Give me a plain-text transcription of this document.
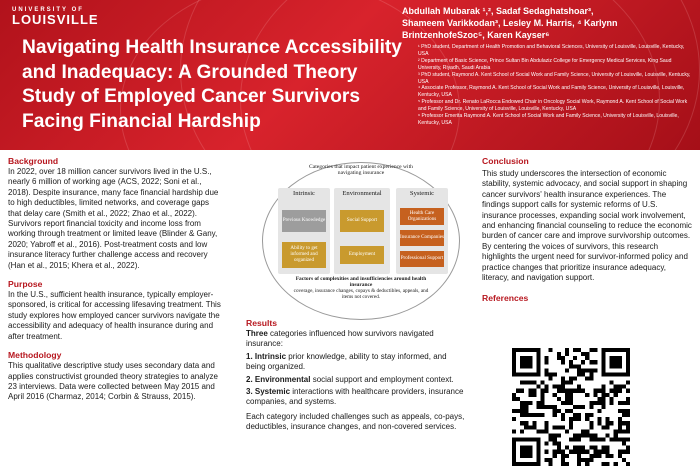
UNIVERSITY OF
LOUISVILLE
Navigating Health Insurance Accessibility and Inadequacy: A Grounded Theory Study of Employed Cancer Survivors Facing Financial Hardship
Abdullah Mubarak ¹,², Sadaf Sedaghatshoar³,
Shameem Varikkodan³, Lesley M. Harris, ⁴ Karlynn
BrintzenhofeSzoc⁵, Karen Kayser⁶
¹ PhD student, Department of Health Promotion and Behavioral Sciences, University of Louisville, Louisville, Kentucky, USA
² Department of Basic Science, Prince Sultan Bin Abdulaziz College for Emergency Medical Services, King Saud University, Riyadh, Saudi Arabia
³ PhD student, Raymond A. Kent School of Social Work and Family Science, University of Louisville, Louisville, Kentucky, USA
⁴ Associate Professor, Raymond A. Kent School of Social Work and Family Science, University of Louisville, Louisville, Kentucky, USA
⁵ Professor and Dr. Renato LaRocca Endowed Chair in Oncology Social Work, Raymond A. Kent School of Social Work and Family Science, University of Louisville, Louisville, Kentucky, USA
⁶ Professor Emerita Raymond A. Kent School of Social Work and Family Science, University of Louisville, Louisville, Kentucky, USA
Background
In 2022, over 18 million cancer survivors lived in the U.S., nearly 6 million of working age (ACS, 2022; Soni et al., 2018). Despite insurance, many face financial hardship due to high deductibles, limited networks, and coverage gaps that delay care (Smith et al., 2022; Zhao et al., 2022). Survivors report financial toxicity and income loss from working through treatment or limited leave (Blinder & Gany, 2020; Yabroff et al., 2016). Post-treatment costs and low insurance literacy further challenge access and recovery (Han et al., 2015; Khera et al., 2022).
Purpose
In the U.S., sufficient health insurance, typically employer-sponsored, is critical for accessing lifesaving treatment. This study explores how employed cancer survivors navigate the accessibility and adequacy of health insurance during and after treatment.
Methodology
This qualitative descriptive study uses secondary data and applies constructivist grounded theory strategies to analyze 23 interviews. Data were collected between May 2015 and April 2016 (Charmaz, 2014; Corbin & Strauss, 2015).
Categories that impact patient experience with navigating insurance
Intrinsic
Previous Knowledge
Ability to get informed and organized
Environmental
Social Support
Employment
Systemic
Health Care Organizations
Insurance Companies
Professional Support
Factors of complexities and insufficiencies around health insurance
coverage, insurance changes, copays & deductibles, appeals, and items not covered.
Results
Three categories influenced how survivors navigated insurance:
1. Intrinsic prior knowledge, ability to stay informed, and being organized.
2. Environmental social support and employment context.
3. Systemic interactions with healthcare providers, insurance companies, and systems.
Each category included challenges such as appeals, co-pays, deductibles, insurance changes, and non-covered services.
Conclusion
This study underscores the intersection of economic stability, systemic advocacy, and social support in shaping cancer survivors' health insurance experiences. The findings support calls for systemic reforms of U.S. insurance processes, expanding social work involvement, and enhancing financial counseling to reduce the economic burden of cancer care and improve survivorship outcomes. By centering the voices of survivors, this research highlights the urgent need for survivor-informed policy and practice changes that prioritize insurance adequacy, literacy, and navigation support.
References
